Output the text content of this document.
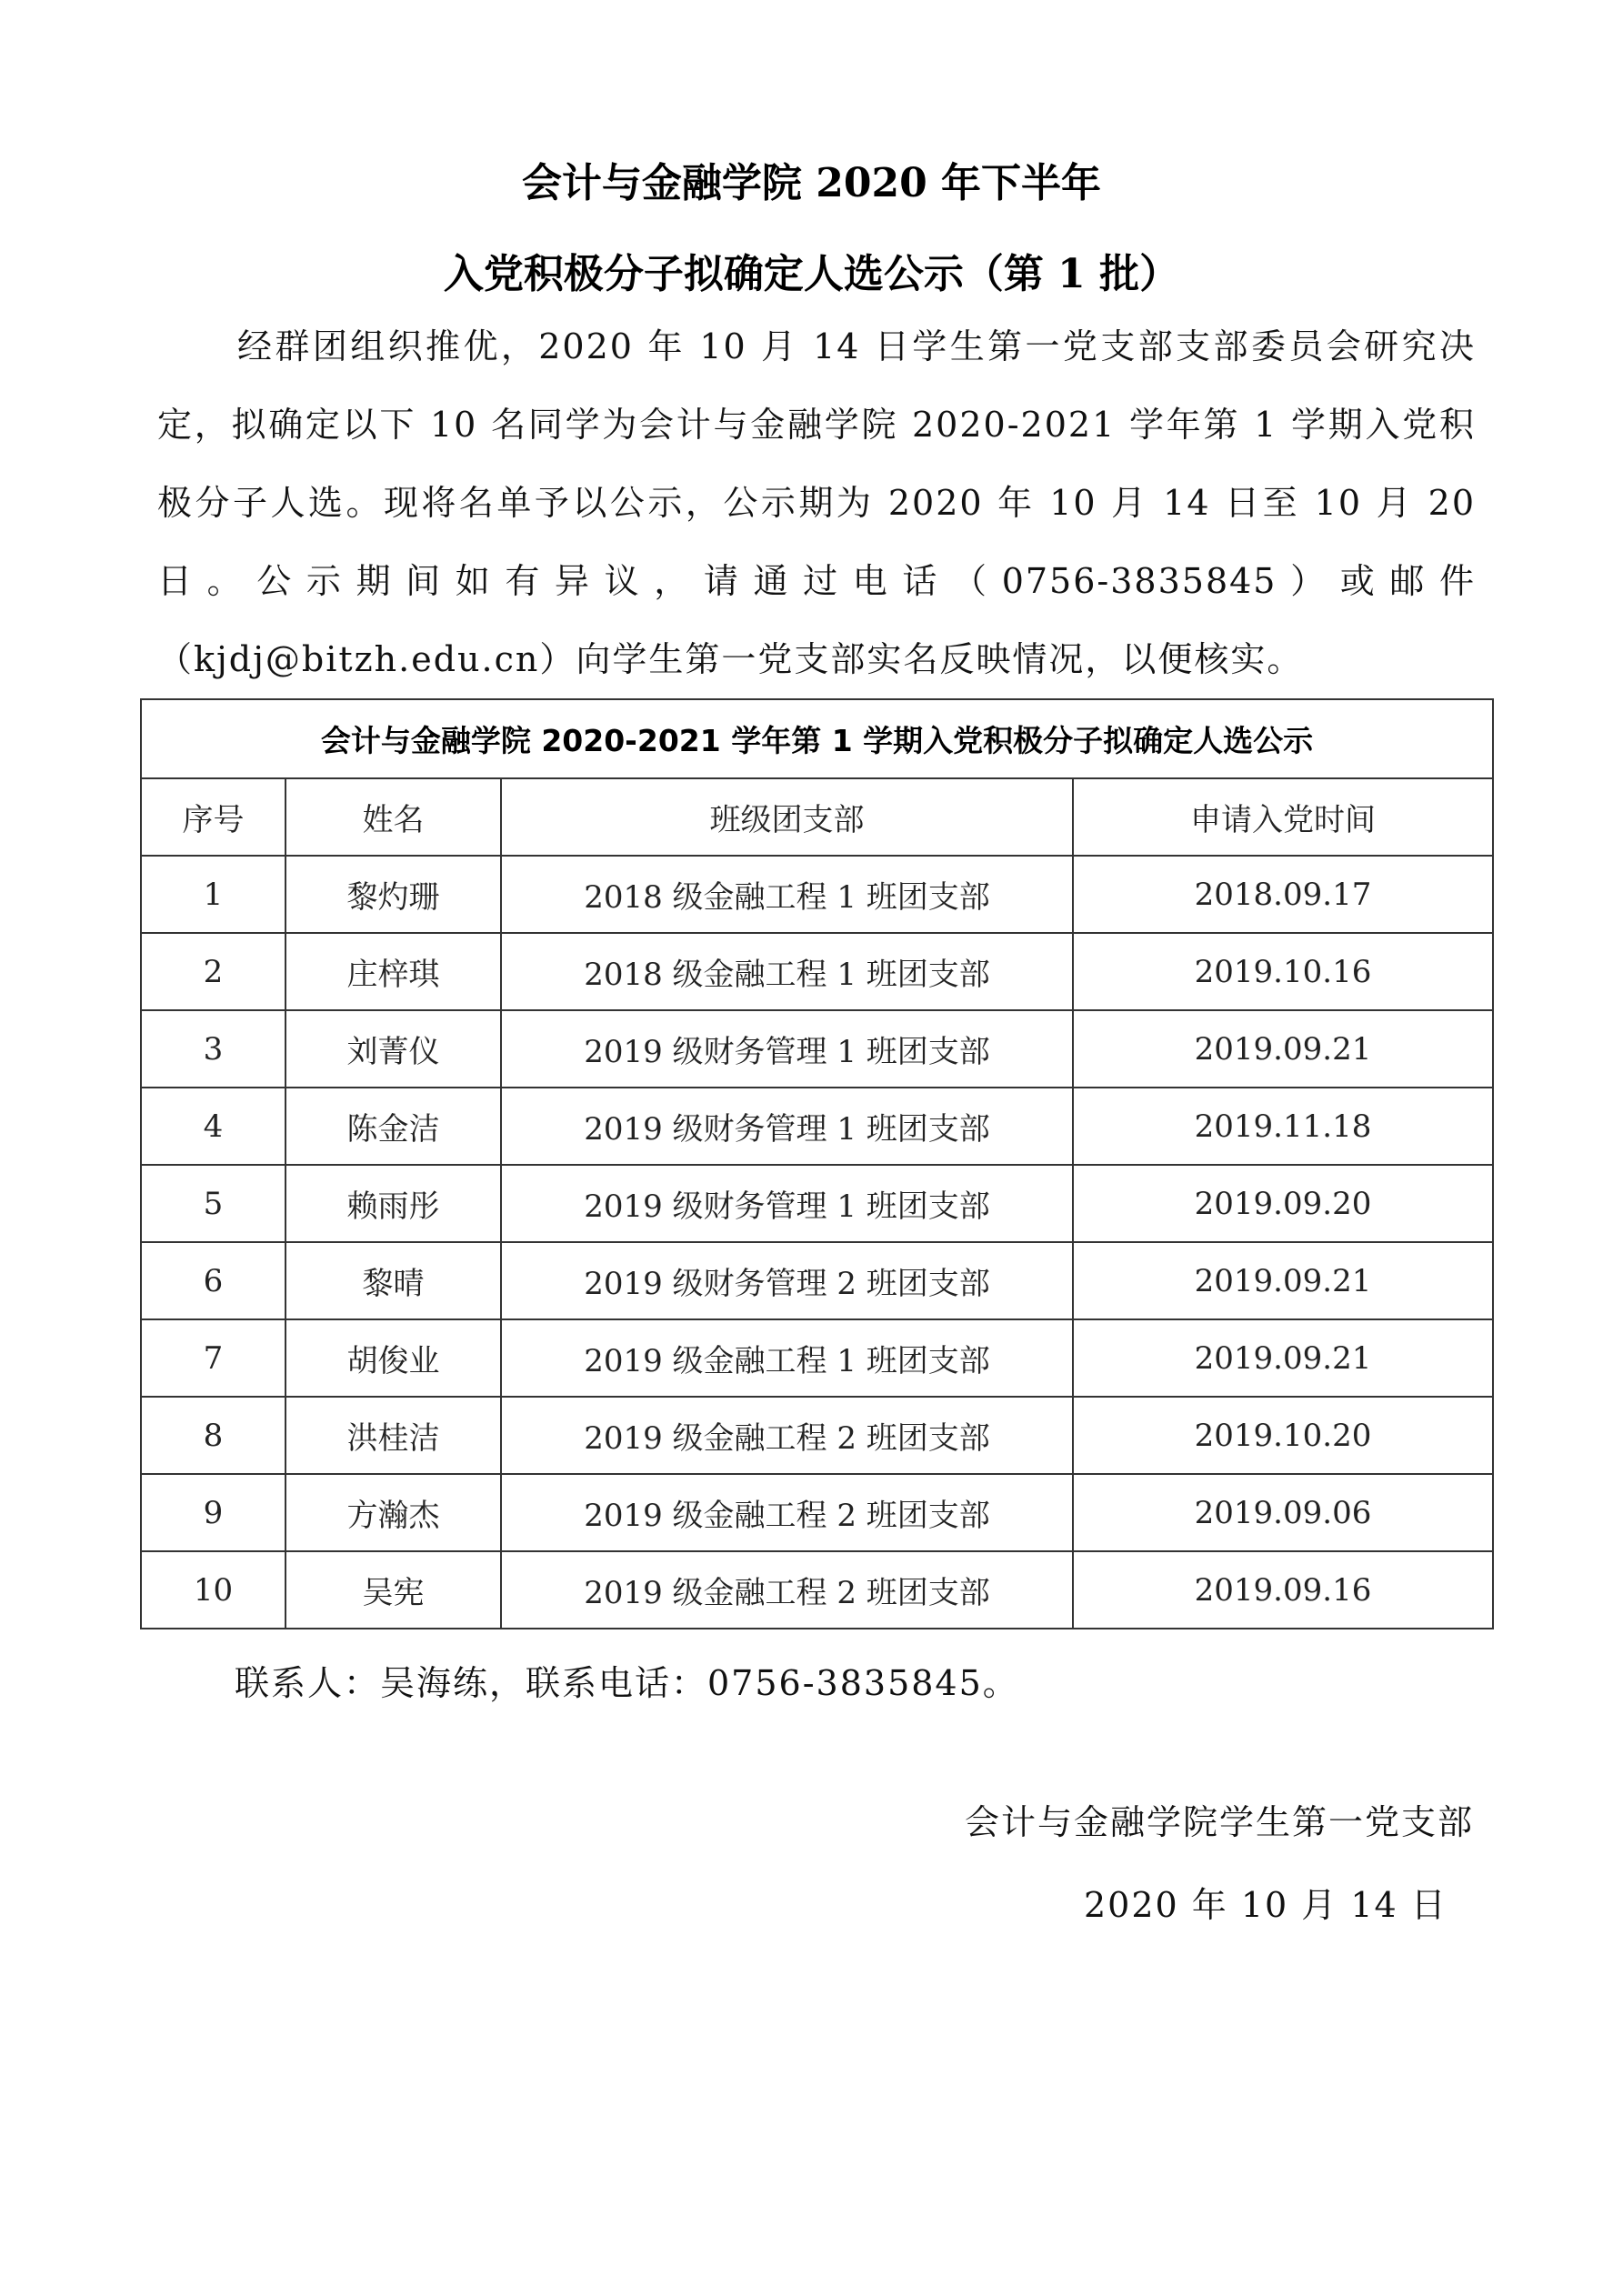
会计与金融学院 2020 年下半年
入党积极分子拟确定人选公示（第 1 批）

经群团组织推优，2020 年 10 月 14 日学生第一党支部支部委员会研究决定，拟确定以下 10 名同学为会计与金融学院 2020-2021 学年第 1 学期入党积极分子人选。现将名单予以公示，公示期为 2020 年 10 月 14 日至 10 月 20 日。公示期间如有异议，请通过电话（0756-3835845）或邮件（kjdj@bitzh.edu.cn）向学生第一党支部实名反映情况，以便核实。

会计与金融学院 2020-2021 学年第 1 学期入党积极分子拟确定人选公示			
序号	姓名	班级团支部	申请入党时间
1	黎灼珊	2018 级金融工程 1 班团支部	2018.09.17
2	庄梓琪	2018 级金融工程 1 班团支部	2019.10.16
3	刘菁仪	2019 级财务管理 1 班团支部	2019.09.21
4	陈金洁	2019 级财务管理 1 班团支部	2019.11.18
5	赖雨彤	2019 级财务管理 1 班团支部	2019.09.20
6	黎晴	2019 级财务管理 2 班团支部	2019.09.21
7	胡俊业	2019 级金融工程 1 班团支部	2019.09.21
8	洪桂洁	2019 级金融工程 2 班团支部	2019.10.20
9	方瀚杰	2019 级金融工程 2 班团支部	2019.09.06
10	吴宪	2019 级金融工程 2 班团支部	2019.09.16
联系人：吴海练，联系电话：0756-3835845。
会计与金融学院学生第一党支部
2020 年 10 月 14 日
